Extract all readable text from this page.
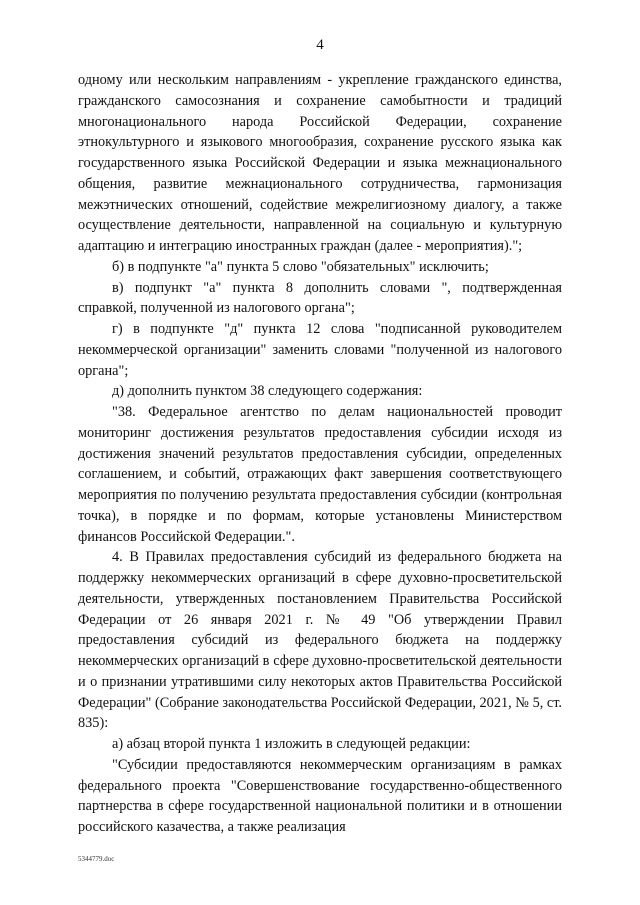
4

одному или нескольким направлениям - укрепление гражданского единства, гражданского самосознания и сохранение самобытности и традиций многонационального народа Российской Федерации, сохранение этнокультурного и языкового многообразия, сохранение русского языка как государственного языка Российской Федерации и языка межнационального общения, развитие межнационального сотрудничества, гармонизация межэтнических отношений, содействие межрелигиозному диалогу, а также осуществление деятельности, направленной на социальную и культурную адаптацию и интеграцию иностранных граждан (далее - мероприятия).";

б) в подпункте "а" пункта 5 слово "обязательных" исключить;

в) подпункт "а" пункта 8 дополнить словами ", подтвержденная справкой, полученной из налогового органа";

г) в подпункте "д" пункта 12 слова "подписанной руководителем некоммерческой организации" заменить словами "полученной из налогового органа";

д) дополнить пунктом 38 следующего содержания:

"38. Федеральное агентство по делам национальностей проводит мониторинг достижения результатов предоставления субсидии исходя из достижения значений результатов предоставления субсидии, определенных соглашением, и событий, отражающих факт завершения соответствующего мероприятия по получению результата предоставления субсидии (контрольная точка), в порядке и по формам, которые установлены Министерством финансов Российской Федерации.".

4. В Правилах предоставления субсидий из федерального бюджета на поддержку некоммерческих организаций в сфере духовно-просветительской деятельности, утвержденных постановлением Правительства Российской Федерации от 26 января 2021 г. № 49 "Об утверждении Правил предоставления субсидий из федерального бюджета на поддержку некоммерческих организаций в сфере духовно-просветительской деятельности и о признании утратившими силу некоторых актов Правительства Российской Федерации" (Собрание законодательства Российской Федерации, 2021, № 5, ст. 835):

а) абзац второй пункта 1 изложить в следующей редакции:

"Субсидии предоставляются некоммерческим организациям в рамках федерального проекта "Совершенствование государственно-общественного партнерства в сфере государственной национальной политики и в отношении российского казачества, а также реализация

5344779.doc
